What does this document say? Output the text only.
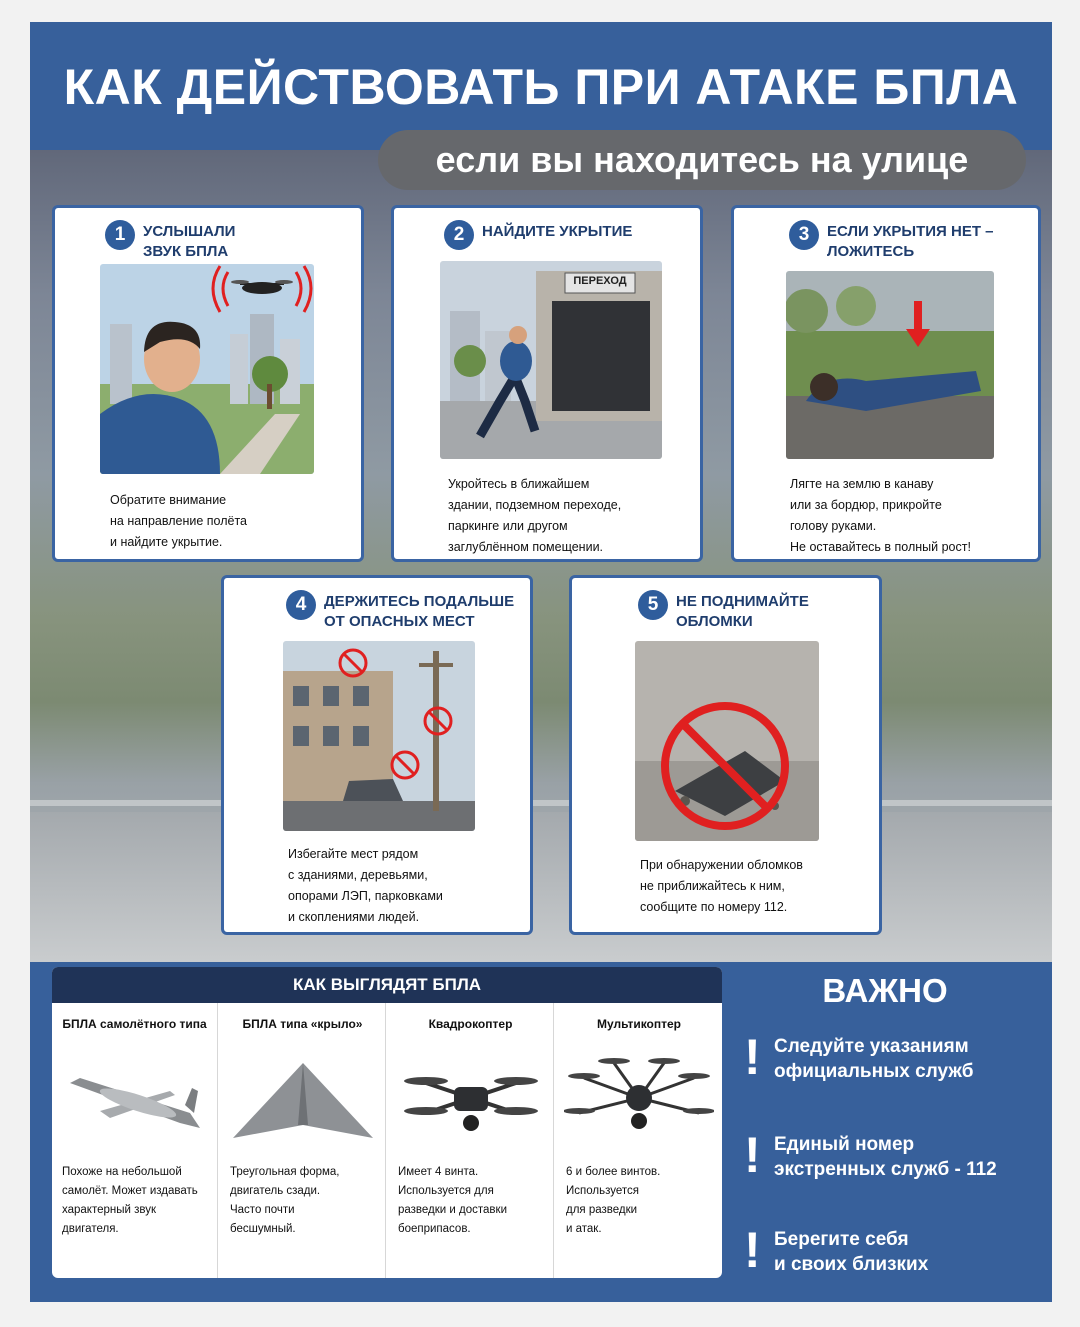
КАК ДЕЙСТВОВАТЬ ПРИ АТАКЕ БПЛА
если вы находитесь на улице
1	УСЛЫШАЛИ
ЗВУК БПЛА
Обратите внимание
на направление полёта
и найдите укрытие.
2	НАЙДИТЕ УКРЫТИЕ
ПЕРЕХОД
Укройтесь в ближайшем
здании, подземном переходе,
паркинге или другом
заглублённом помещении.
3	ЕСЛИ УКРЫТИЯ НЕТ –
ЛОЖИТЕСЬ
Лягте на землю в канаву
или за бордюр, прикройте
голову руками.
Не оставайтесь в полный рост!
4	ДЕРЖИТЕСЬ ПОДАЛЬШЕ
ОТ ОПАСНЫХ МЕСТ
Избегайте мест рядом
с зданиями, деревьями,
опорами ЛЭП, парковками
и скоплениями людей.
5	НЕ ПОДНИМАЙТЕ
ОБЛОМКИ
При обнаружении обломков
не приближайтесь к ним,
сообщите по номеру 112.
КАК ВЫГЛЯДЯТ БПЛА
БПЛА самолётного типа
Похоже на небольшой
самолёт. Может издавать
характерный звук
двигателя.
БПЛА типа «крыло»
Треугольная форма,
двигатель сзади.
Часто почти
бесшумный.
Квадрокоптер
Имеет 4 винта.
Используется для
разведки и доставки
боеприпасов.
Мультикоптер
6 и более винтов.
Используется
для разведки
и атак.
ВАЖНО
! Следуйте указаниям
официальных служб
! Единый номер
экстренных служб - 112
! Берегите себя
и своих близких
